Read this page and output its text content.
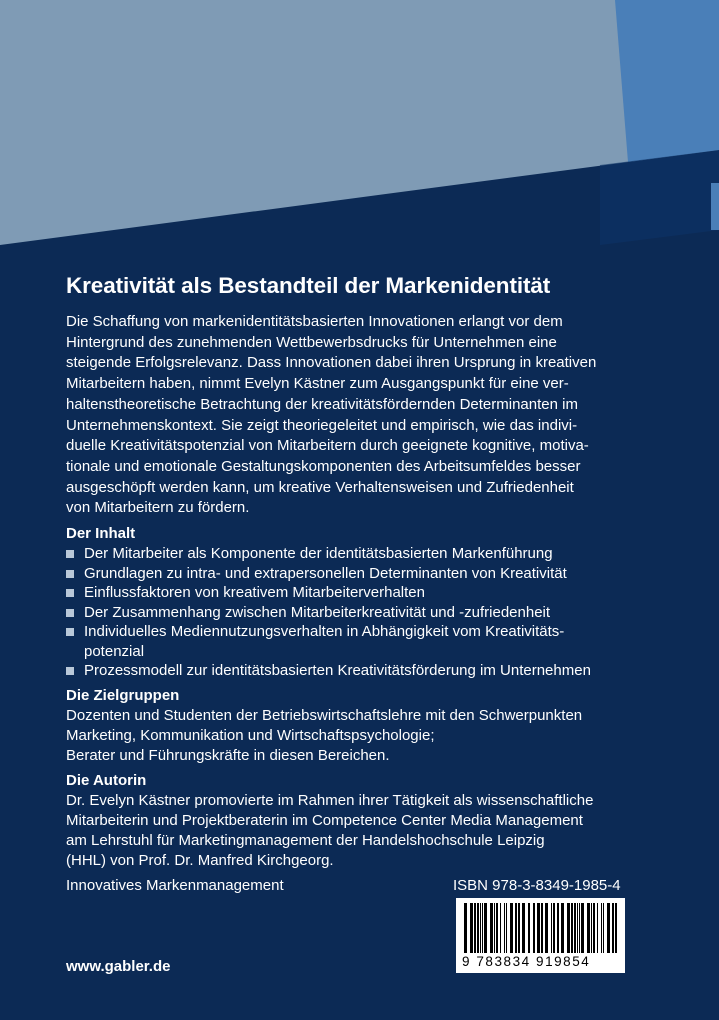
Kreativität als Bestandteil der Markenidentität

Die Schaffung von markenidentitätsbasierten Innovationen erlangt vor dem

Hintergrund des zunehmenden Wettbewerbsdrucks für Unternehmen eine

steigende Erfolgsrelevanz. Dass Innovationen dabei ihren Ursprung in kreativen

Mitarbeitern haben, nimmt Evelyn Kästner zum Ausgangspunkt für eine ver-

haltenstheoretische Betrachtung der kreativitätsfördernden Determinanten im

Unternehmenskontext. Sie zeigt theoriegeleitet und empirisch, wie das indivi-

duelle Kreativitätspotenzial von Mitarbeitern durch geeignete kognitive, motiva-

tionale und emotionale Gestaltungskomponenten des Arbeitsumfeldes besser

ausgeschöpft werden kann, um kreative Verhaltensweisen und Zufriedenheit

von Mitarbeitern zu fördern.

Der Inhalt
Der Mitarbeiter als Komponente der identitätsbasierten Markenführung
Grundlagen zu intra- und extrapersonellen Determinanten von Kreativität
Einflussfaktoren von kreativem Mitarbeiterverhalten
Der Zusammenhang zwischen Mitarbeiterkreativität und -zufriedenheit
Individuelles Mediennutzungsverhalten in Abhängigkeit vom Kreativitäts-
potenzial
Prozessmodell zur identitätsbasierten Kreativitätsförderung im Unternehmen
Die Zielgruppen

Dozenten und Studenten der Betriebswirtschaftslehre mit den Schwerpunkten

Marketing, Kommunikation und Wirtschaftspsychologie;

Berater und Führungskräfte in diesen Bereichen.

Die Autorin

Dr. Evelyn Kästner promovierte im Rahmen ihrer Tätigkeit als wissenschaftliche

Mitarbeiterin und Projektberaterin im Competence Center Media Management

am Lehrstuhl für Marketingmanagement der Handelshochschule Leipzig

(HHL) von Prof. Dr. Manfred Kirchgeorg.

Innovatives Markenmanagement	ISBN 978-3-8349-1985-4
9 783834 919854
www.gabler.de
